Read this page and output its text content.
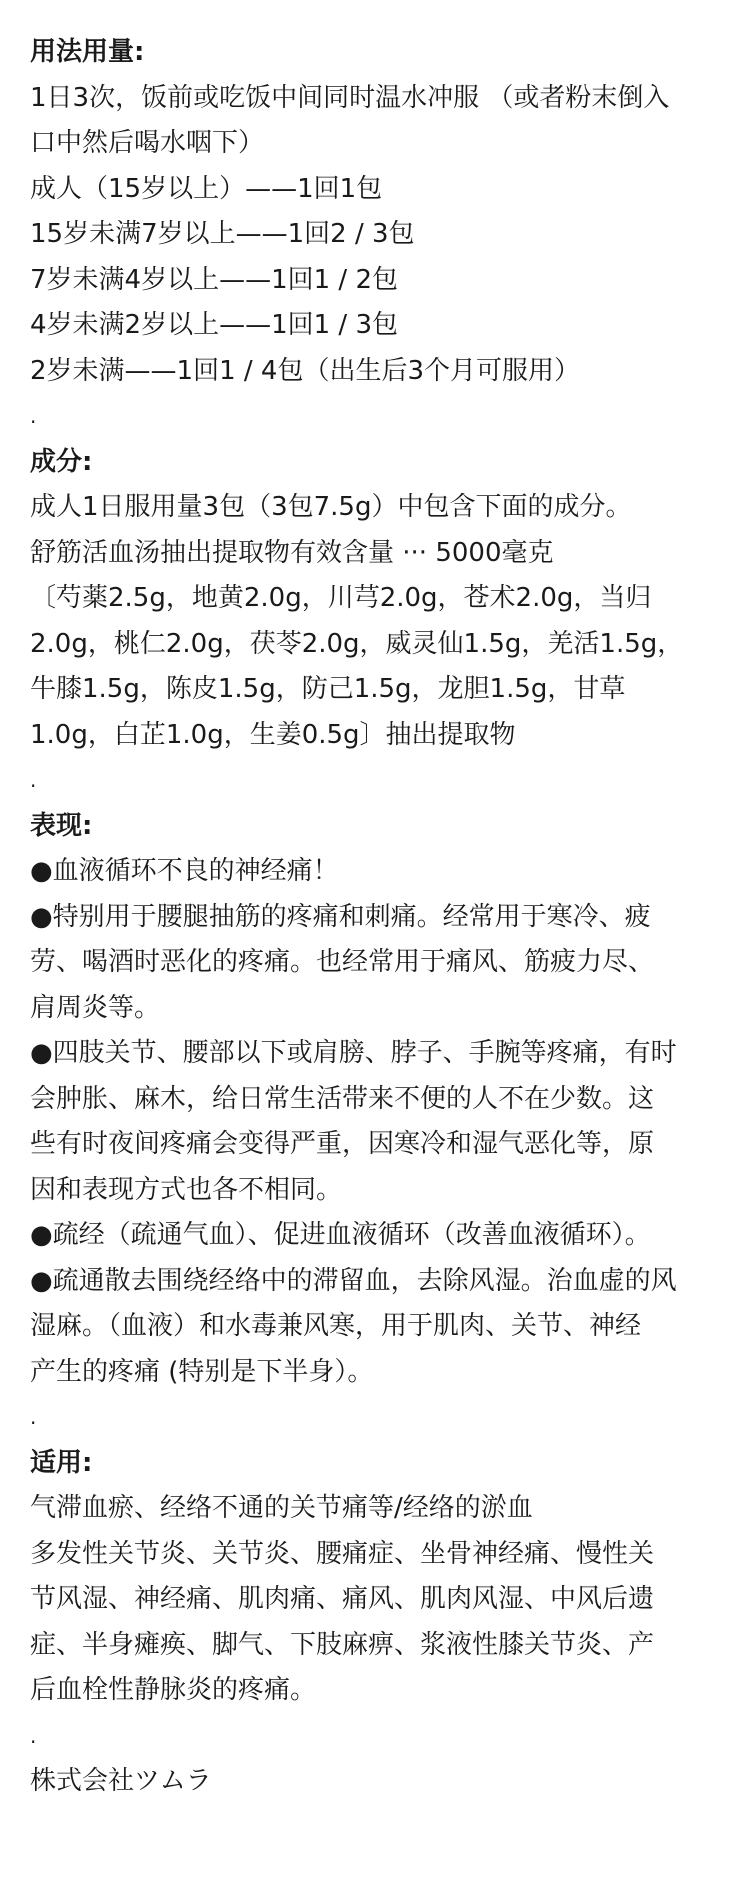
用法用量:
1日3次，饭前或吃饭中间同时温水冲服 （或者粉末倒入
口中然后喝水咽下）
成人（15岁以上）——1回1包
15岁未满7岁以上——1回2 / 3包
7岁未满4岁以上——1回1 / 2包
4岁未满2岁以上——1回1 / 3包
2岁未满——1回1 / 4包（出生后3个月可服用）
.
成分:
成人1日服用量3包（3包7.5g）中包含下面的成分。
舒筋活血汤抽出提取物有效含量 ··· 5000毫克
〔芍薬2.5g，地黄2.0g，川芎2.0g，苍术2.0g，当归
2.0g，桃仁2.0g，茯苓2.0g，威灵仙1.5g，羌活1.5g，
牛膝1.5g，陈皮1.5g，防己1.5g，龙胆1.5g，甘草
1.0g，白芷1.0g，生姜0.5g〕抽出提取物
.
表现:
●血液循环不良的神经痛！
●特别用于腰腿抽筋的疼痛和刺痛。经常用于寒冷、疲
劳、喝酒时恶化的疼痛。也经常用于痛风、筋疲力尽、
肩周炎等。
●四肢关节、腰部以下或肩膀、脖子、手腕等疼痛，有时
会肿胀、麻木，给日常生活带来不便的人不在少数。这
些有时夜间疼痛会变得严重，因寒冷和湿气恶化等，原
因和表现方式也各不相同。
●疏经（疏通气血）、促进血液循环（改善血液循环）。
●疏通散去围绕经络中的滞留血，去除风湿。治血虚的风
湿麻。（血液）和水毒兼风寒，用于肌肉、关节、神经
产生的疼痛 (特别是下半身）。
.
适用:
气滞血瘀、经络不通的关节痛等/经络的淤血
多发性关节炎、关节炎、腰痛症、坐骨神经痛、慢性关
节风湿、神经痛、肌肉痛、痛风、肌肉风湿、中风后遗
症、半身瘫痪、脚气、下肢麻痹、浆液性膝关节炎、产
后血栓性静脉炎的疼痛。
.
株式会社ツムラ
